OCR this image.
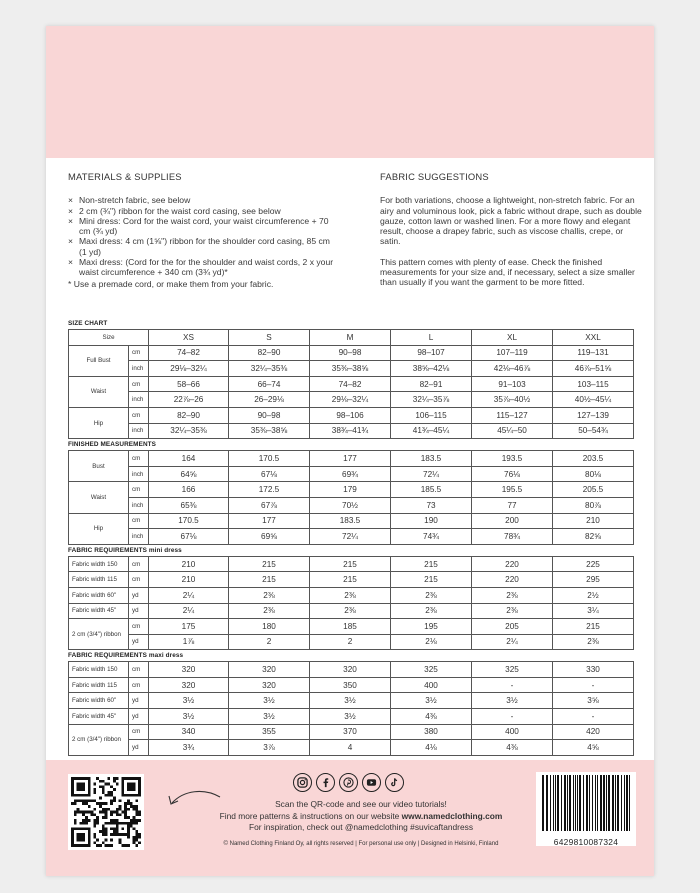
MATERIALS & SUPPLIES
× Non-stretch fabric, see below
× 2 cm (¾") ribbon for the waist cord casing, see below
× Mini dress: Cord for the waist cord, your waist circumference + 70 cm (¾ yd)
× Maxi dress: 4 cm (1⅝") ribbon for the shoulder cord casing, 85 cm (1 yd)
× Maxi dress: (Cord for the for the shoulder and waist cords, 2 x your waist circumference + 340 cm (3¾ yd)*
* Use a premade cord, or make them from your fabric.
FABRIC SUGGESTIONS

For both variations, choose a lightweight, non-stretch fabric. For an airy and voluminous look, pick a fabric without drape, such as double gauze, cotton lawn or washed linen. For a more flowy and elegant result, choose a drapey fabric, such as viscose challis, crepe, or satin.

This pattern comes with plenty of ease. Check the finished measurements for your size and, if necessary, select a size smaller than usually if you want the garment to be more fitted.

SIZE CHART
Size		XS	S	M	L	XL	XXL
Full Bust	cm	74–82	82–90	90–98	98–107	107–119	119–131
	inch	29⅛–32¼	32¼–35⅜	35⅜–38⅝	38⅝–42⅛	42⅛–46⅞	46⅞–51⅝
Waist	cm	58–66	66–74	74–82	82–91	91–103	103–115
	inch	22⅞–26	26–29⅛	29⅛–32¼	32¼–35⅞	35⅞–40½	40½–45¼
Hip	cm	82–90	90–98	98–106	106–115	115–127	127–139
	inch	32¼–35⅜	35⅜–38⅝	38¾–41¾	41¾–45¼	45¼–50	50–54¾
FINISHED MEASUREMENTS
Bust	cm	164	170.5	177	183.5	193.5	203.5
	inch	64⅝	67⅛	69¾	72¼	76⅛	80⅛
Waist	cm	166	172.5	179	185.5	195.5	205.5
	inch	65⅜	67⅞	70½	73	77	80⅞
Hip	cm	170.5	177	183.5	190	200	210
	inch	67⅛	69⅝	72¼	74¾	78¾	82⅝
FABRIC REQUIREMENTS mini dress
Fabric width 150	cm	210	215	215	215	220	225
Fabric width 115	cm	210	215	215	215	220	295
Fabric width 60"	yd	2¼	2⅜	2⅜	2⅜	2⅜	2½
Fabric width 45"	yd	2¼	2⅜	2⅜	2⅜	2⅜	3¼
2 cm (3/4") ribbon	cm	175	180	185	195	205	215
	yd	1⅞	2	2	2⅛	2¼	2⅜
FABRIC REQUIREMENTS maxi dress
Fabric width 150	cm	320	320	320	325	325	330
Fabric width 115	cm	320	320	350	400	-	-
Fabric width 60"	yd	3½	3½	3½	3½	3½	3⅝
Fabric width 45"	yd	3½	3½	3½	4⅜	-	-
2 cm (3/4") ribbon	cm	340	355	370	380	400	420
	yd	3¾	3⅞	4	4⅛	4⅜	4⅝
Scan the QR-code and see our video tutorials!
Find more patterns & instructions on our website www.namedclothing.com
For inspiration, check out @namedclothing #suvicaftandress
© Named Clothing Finland Oy, all rights reserved | For personal use only | Designed in Helsinki, Finland	6429810087324
